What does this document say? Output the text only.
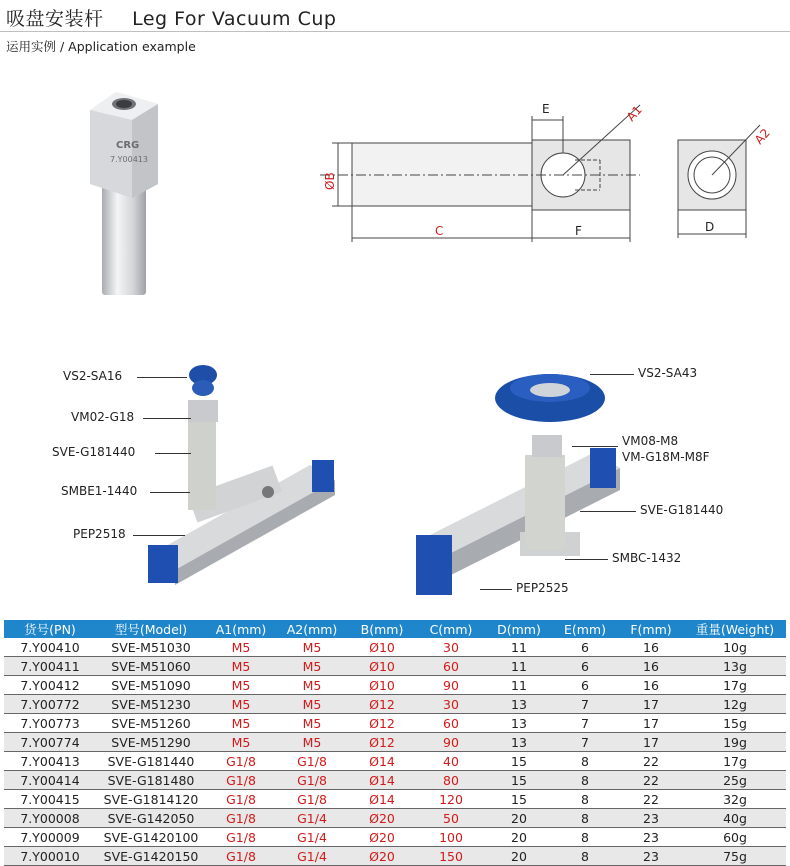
吸盘安装杆 Leg For Vacuum Cup
运用实例 / Application example
CRG
7.Y00413
E	A1
A2
ØB
C	F	D
VS2-SA16
VM02-G18
SVE-G181440
SMBE1-1440
PEP2518
VS2-SA43
VM08-M8
VM-G18M-M8F
SVE-G181440
SMBC-1432
PEP2525
货号(PN)	型号(Model)	A1(mm)	A2(mm)	B(mm)	C(mm)	D(mm)	E(mm)	F(mm)	重量(Weight)
7.Y00410	SVE-M51030	M5	M5	Ø10	30	11	6	16	10g
7.Y00411	SVE-M51060	M5	M5	Ø10	60	11	6	16	13g
7.Y00412	SVE-M51090	M5	M5	Ø10	90	11	6	16	17g
7.Y00772	SVE-M51230	M5	M5	Ø12	30	13	7	17	12g
7.Y00773	SVE-M51260	M5	M5	Ø12	60	13	7	17	15g
7.Y00774	SVE-M51290	M5	M5	Ø12	90	13	7	17	19g
7.Y00413	SVE-G181440	G1/8	G1/8	Ø14	40	15	8	22	17g
7.Y00414	SVE-G181480	G1/8	G1/8	Ø14	80	15	8	22	25g
7.Y00415	SVE-G1814120	G1/8	G1/8	Ø14	120	15	8	22	32g
7.Y00008	SVE-G142050	G1/8	G1/4	Ø20	50	20	8	23	40g
7.Y00009	SVE-G1420100	G1/8	G1/4	Ø20	100	20	8	23	60g
7.Y00010	SVE-G1420150	G1/8	G1/4	Ø20	150	20	8	23	75g
